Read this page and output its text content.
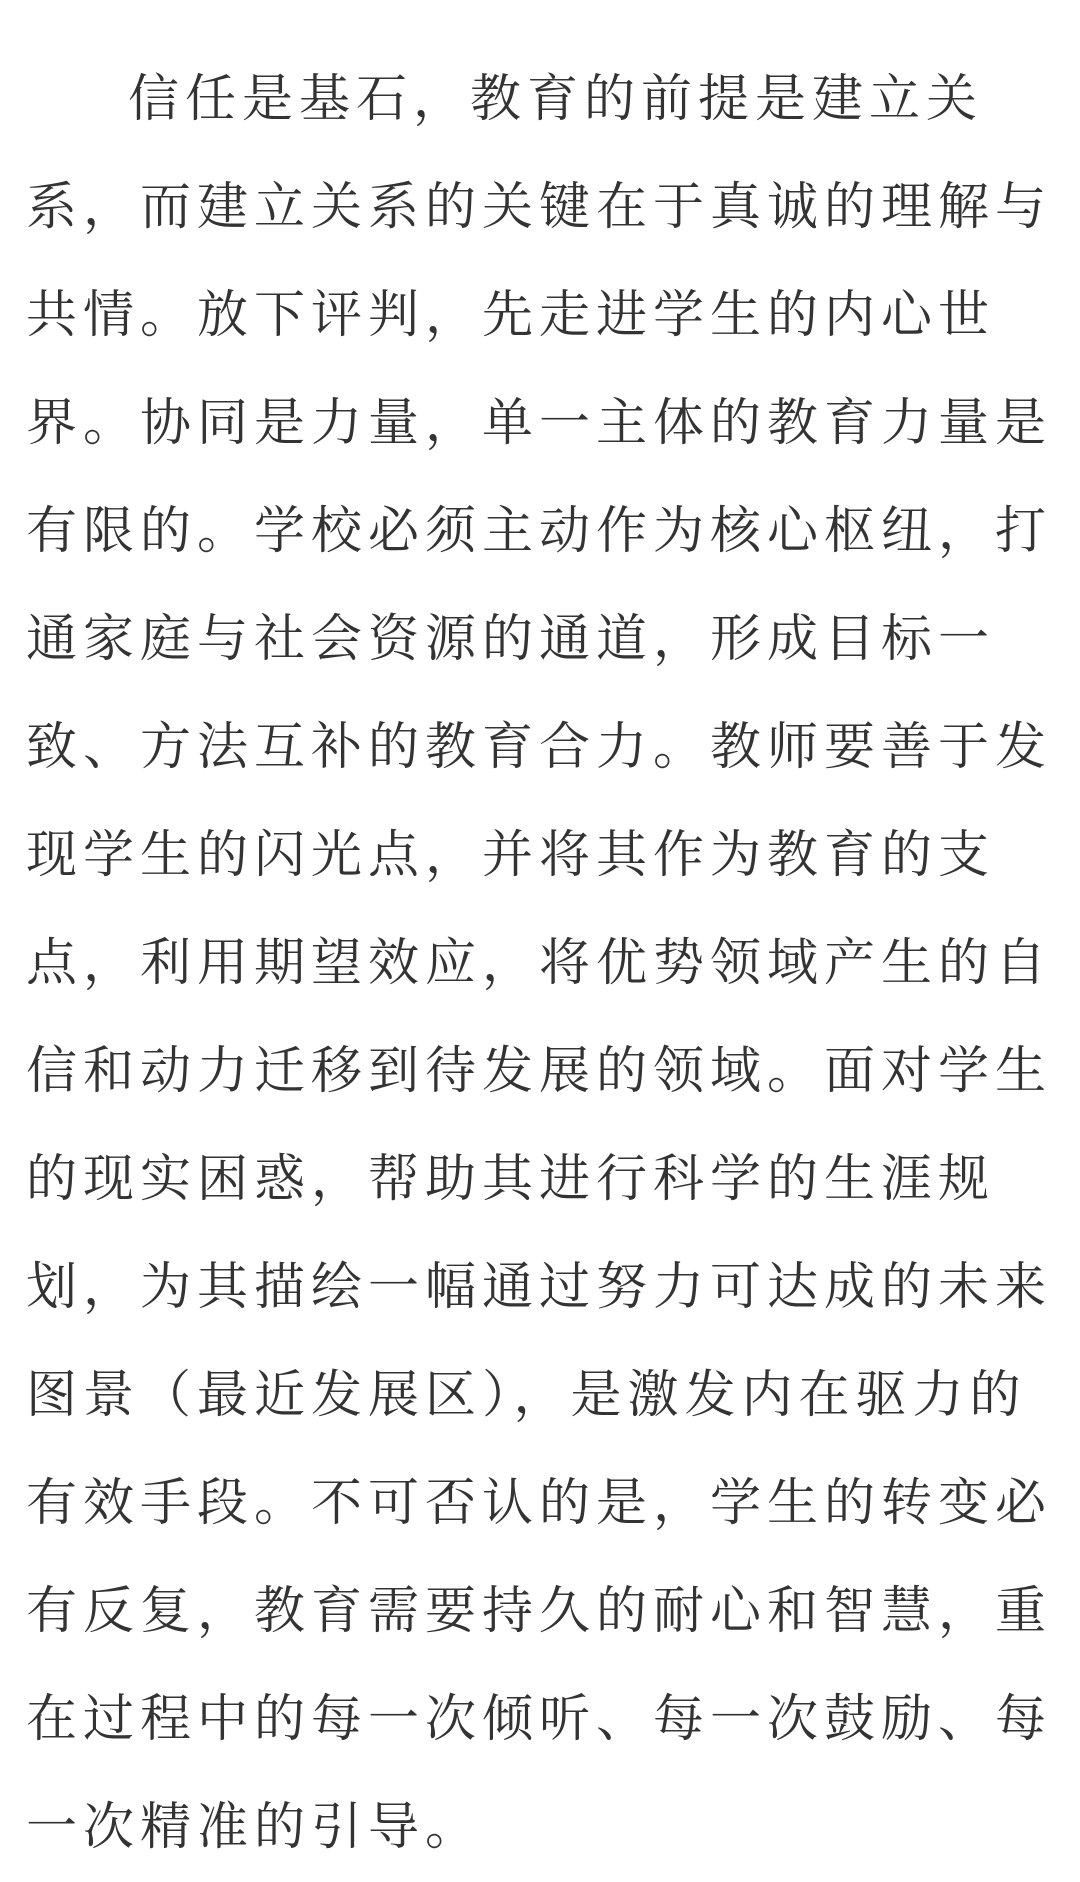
信任是基石，教育的前提是建立关
系，而建立关系的关键在于真诚的理解与
共情。放下评判，先走进学生的内心世
界。协同是力量，单一主体的教育力量是
有限的。学校必须主动作为核心枢纽，打
通家庭与社会资源的通道，形成目标一
致、方法互补的教育合力。教师要善于发
现学生的闪光点，并将其作为教育的支
点，利用期望效应，将优势领域产生的自
信和动力迁移到待发展的领域。面对学生
的现实困惑，帮助其进行科学的生涯规
划，为其描绘一幅通过努力可达成的未来
图景（最近发展区），是激发内在驱力的
有效手段。不可否认的是，学生的转变必
有反复，教育需要持久的耐心和智慧，重
在过程中的每一次倾听、每一次鼓励、每
一次精准的引导。
